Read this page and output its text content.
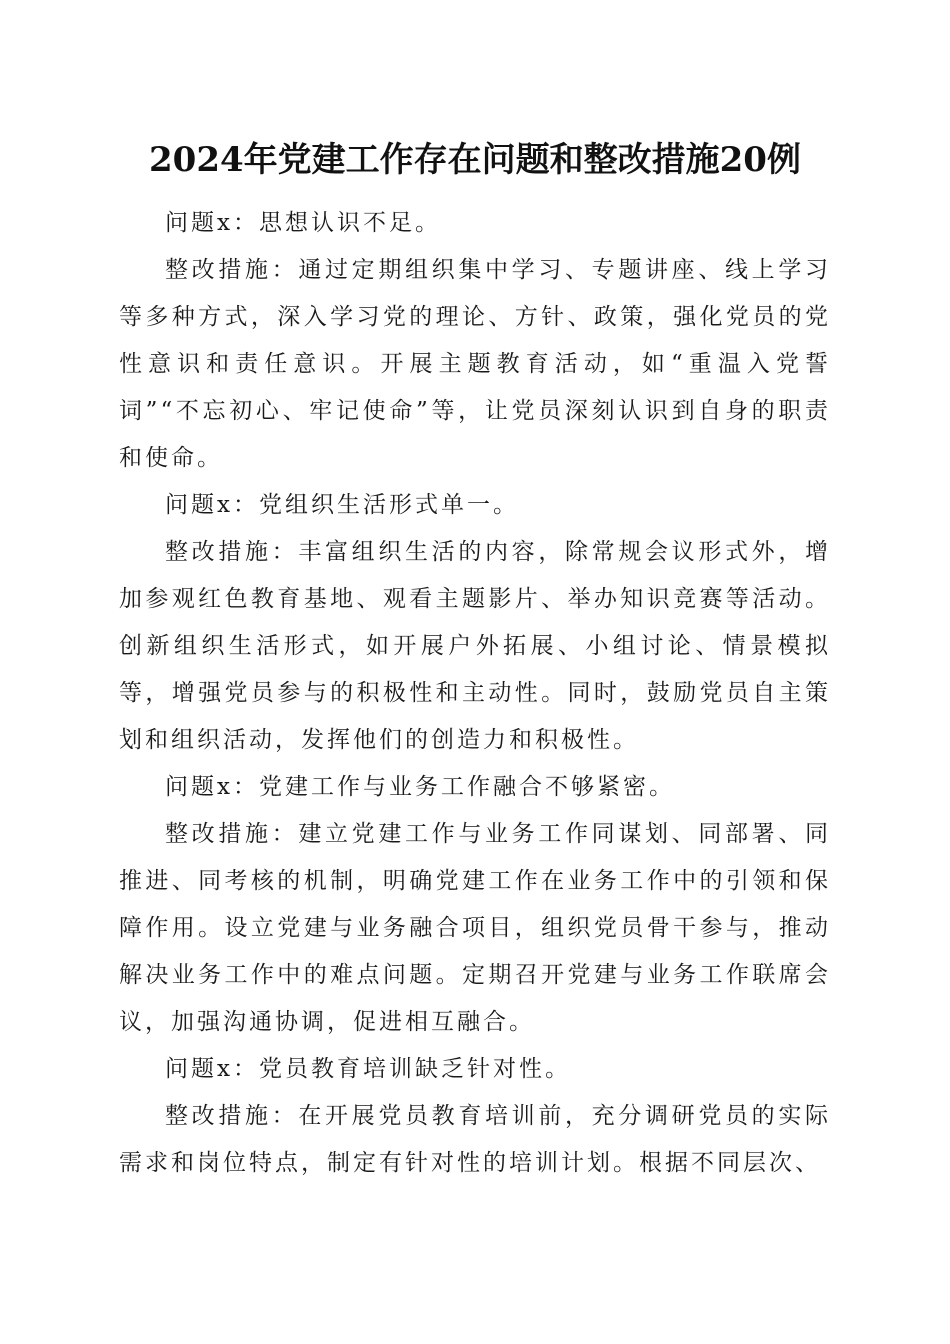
2024年党建工作存在问题和整改措施20例

问题x：思想认识不足。

整改措施：通过定期组织集中学习、专题讲座、线上学习等多种方式，深入学习党的理论、方针、政策，强化党员的党性意识和责任意识。开展主题教育活动，如“重温入党誓词”“不忘初心、牢记使命”等，让党员深刻认识到自身的职责和使命。

问题x：党组织生活形式单一。

整改措施：丰富组织生活的内容，除常规会议形式外，增加参观红色教育基地、观看主题影片、举办知识竞赛等活动。创新组织生活形式，如开展户外拓展、小组讨论、情景模拟等，增强党员参与的积极性和主动性。同时，鼓励党员自主策划和组织活动，发挥他们的创造力和积极性。

问题x：党建工作与业务工作融合不够紧密。

整改措施：建立党建工作与业务工作同谋划、同部署、同推进、同考核的机制，明确党建工作在业务工作中的引领和保障作用。设立党建与业务融合项目，组织党员骨干参与，推动解决业务工作中的难点问题。定期召开党建与业务工作联席会议，加强沟通协调，促进相互融合。

问题x：党员教育培训缺乏针对性。

整改措施：在开展党员教育培训前，充分调研党员的实际需求和岗位特点，制定有针对性的培训计划。根据不同层次、
